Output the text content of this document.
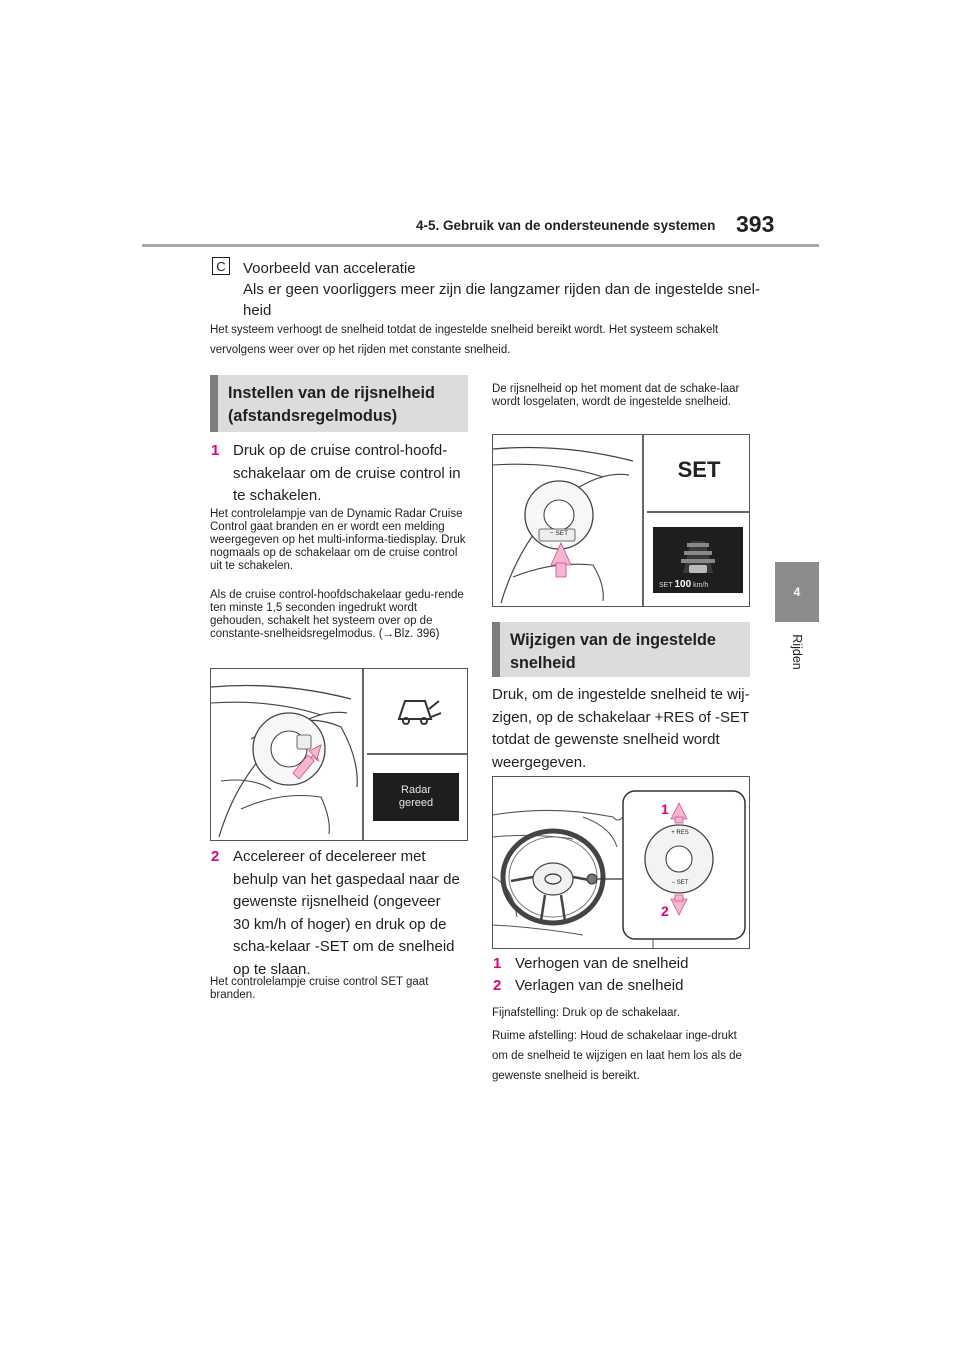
4-5. Gebruik van de ondersteunende systemen 393
4
Rijden
C Voorbeeld van acceleratie
Als er geen voorliggers meer zijn die langzamer rijden dan de ingestelde snel-heid
Het systeem verhoogt de snelheid totdat de ingestelde snelheid bereikt wordt. Het systeem schakelt vervolgens weer over op het rijden met constante snelheid.
Instellen van de rijsnelheid (afstandsregelmodus)
1 Druk op de cruise control-hoofd-schakelaar om de cruise control in te schakelen.
Het controlelampje van de Dynamic Radar Cruise Control gaat branden en er wordt een melding weergegeven op het multi-informa-tiedisplay. Druk nogmaals op de schakelaar om de cruise control uit te schakelen.
Als de cruise control-hoofdschakelaar gedu-rende ten minste 1,5 seconden ingedrukt wordt gehouden, schakelt het systeem over op de constante-snelheidsregelmodus. (→Blz. 396)
Radar
gereed
2 Accelereer of decelereer met behulp van het gaspedaal naar de gewenste rijsnelheid (ongeveer 30 km/h of hoger) en druk op de scha-kelaar -SET om de snelheid op te slaan.
Het controlelampje cruise control SET gaat branden.
De rijsnelheid op het moment dat de schake-laar wordt losgelaten, wordt de ingestelde snelheid.
− SET
SET
SET 100 km/h
Wijzigen van de ingestelde snelheid
Druk, om de ingestelde snelheid te wij-zigen, op de schakelaar +RES of -SET totdat de gewenste snelheid wordt weergegeven.
1
2
+ RES
− SET
1 Verhogen van de snelheid
2 Verlagen van de snelheid
Fijnafstelling: Druk op de schakelaar.
Ruime afstelling: Houd de schakelaar inge-drukt om de snelheid te wijzigen en laat hem los als de gewenste snelheid is bereikt.
